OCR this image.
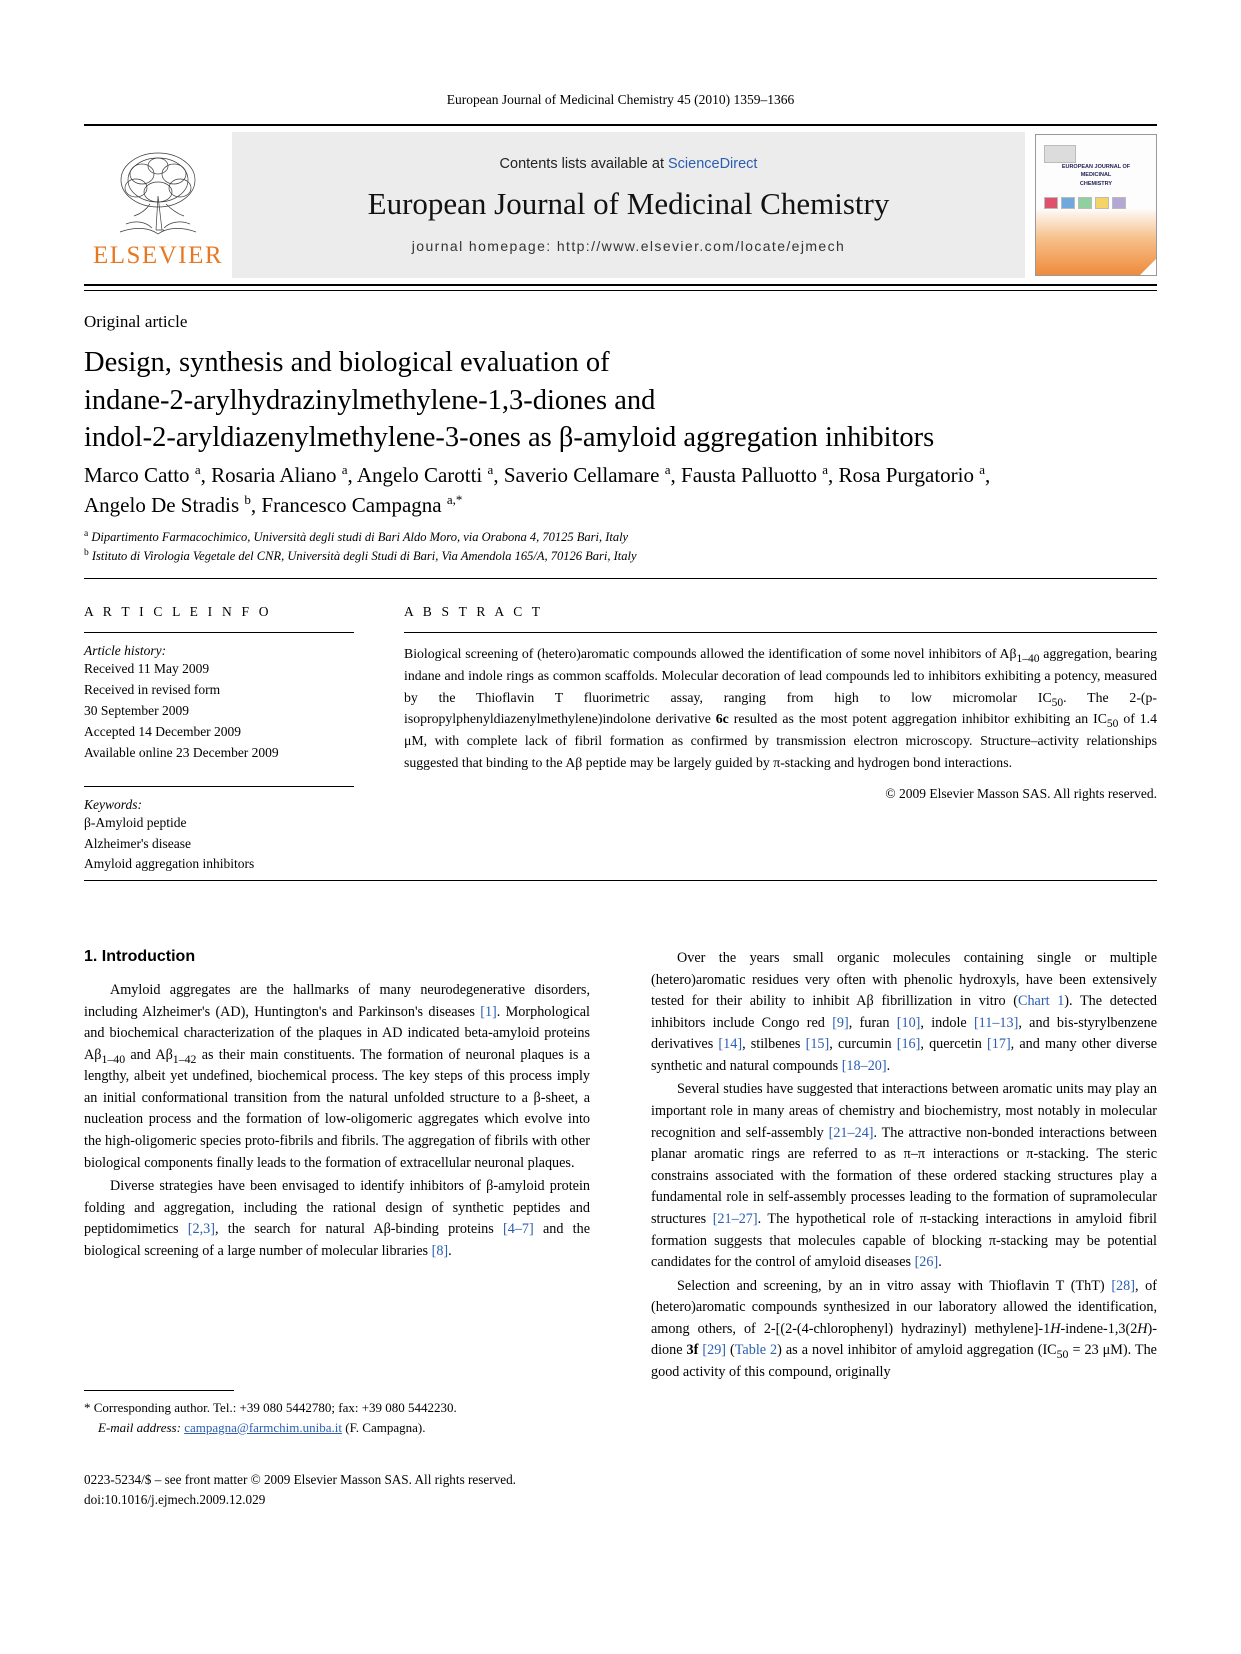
European Journal of Medicinal Chemistry 45 (2010) 1359–1366
ELSEVIER
Contents lists available at ScienceDirect
European Journal of Medicinal Chemistry
journal homepage: http://www.elsevier.com/locate/ejmech
EUROPEAN JOURNAL OF
MEDICINAL
CHEMISTRY
Original article
Design, synthesis and biological evaluation of
indane-2-arylhydrazinylmethylene-1,3-diones and
indol-2-aryldiazenylmethylene-3-ones as β-amyloid aggregation inhibitors
Marco Catto $^a$, Rosaria Aliano $^a$, Angelo Carotti $^a$, Saverio Cellamare $^a$, Fausta Palluotto $^a$, Rosa Purgatorio $^a$,
Angelo De Stradis $^b$, Francesco Campagna $^{a,*}$
$^a$ Dipartimento Farmacochimico, Università degli studi di Bari Aldo Moro, via Orabona 4, 70125 Bari, Italy
$^b$ Istituto di Virologia Vegetale del CNR, Università degli Studi di Bari, Via Amendola 165/A, 70126 Bari, Italy
A R T I C L E I N F O
Article history:
Received 11 May 2009
Received in revised form
30 September 2009
Accepted 14 December 2009
Available online 23 December 2009
Keywords:
β-Amyloid peptide
Alzheimer's disease
Amyloid aggregation inhibitors
A B S T R A C T
Biological screening of (hetero)aromatic compounds allowed the identification of some novel inhibitors of $A\beta_{1-40}$ aggregation, bearing indane and indole rings as common scaffolds. Molecular decoration of lead compounds led to inhibitors exhibiting a potency, measured by the Thioflavin T fluorimetric assay, ranging from high to low micromolar $IC_{50}$. The 2-(p-isopropylphenyldiazenylmethylene)indolone derivative 6c resulted as the most potent aggregation inhibitor exhibiting an $IC_{50}$ of 1.4 μM, with complete lack of fibril formation as confirmed by transmission electron microscopy. Structure–activity relationships suggested that binding to the Aβ peptide may be largely guided by π-stacking and hydrogen bond interactions.
© 2009 Elsevier Masson SAS. All rights reserved.
1. Introduction

Amyloid aggregates are the hallmarks of many neurodegenerative disorders, including Alzheimer's (AD), Huntington's and Parkinson's diseases [1]. Morphological and biochemical characterization of the plaques in AD indicated beta-amyloid proteins $A\beta_{1-40}$ and $A\beta_{1-42}$ as their main constituents. The formation of neuronal plaques is a lengthy, albeit yet undefined, biochemical process. The key steps of this process imply an initial conformational transition from the natural unfolded structure to a β-sheet, a nucleation process and the formation of low-oligomeric aggregates which evolve into the high-oligomeric species proto-fibrils and fibrils. The aggregation of fibrils with other biological components finally leads to the formation of extracellular neuronal plaques.

Diverse strategies have been envisaged to identify inhibitors of β-amyloid protein folding and aggregation, including the rational design of synthetic peptides and peptidomimetics [2,3], the search for natural Aβ-binding proteins [4–7] and the biological screening of a large number of molecular libraries [8].

Over the years small organic molecules containing single or multiple (hetero)aromatic residues very often with phenolic hydroxyls, have been extensively tested for their ability to inhibit Aβ fibrillization in vitro (Chart 1). The detected inhibitors include Congo red [9], furan [10], indole [11–13], and bis-styrylbenzene derivatives [14], stilbenes [15], curcumin [16], quercetin [17], and many other diverse synthetic and natural compounds [18–20].

Several studies have suggested that interactions between aromatic units may play an important role in many areas of chemistry and biochemistry, most notably in molecular recognition and self-assembly [21–24]. The attractive non-bonded interactions between planar aromatic rings are referred to as π–π interactions or π-stacking. The steric constrains associated with the formation of these ordered stacking structures play a fundamental role in self-assembly processes leading to the formation of supramolecular structures [21–27]. The hypothetical role of π-stacking interactions in amyloid fibril formation suggests that molecules capable of blocking π-stacking may be potential candidates for the control of amyloid diseases [26].

Selection and screening, by an in vitro assay with Thioflavin T (ThT) [28], of (hetero)aromatic compounds synthesized in our laboratory allowed the identification, among others, of 2-[(2-(4-chlorophenyl) hydrazinyl) methylene]-1H-indene-1,3(2H)-dione 3f [29] (Table 2) as a novel inhibitor of amyloid aggregation ($IC_{50} = 23$ μM). The good activity of this compound, originally

* Corresponding author. Tel.: +39 080 5442780; fax: +39 080 5442230.
E-mail address: campagna@farmchim.uniba.it (F. Campagna).
0223-5234/$ – see front matter © 2009 Elsevier Masson SAS. All rights reserved.
doi:10.1016/j.ejmech.2009.12.029
